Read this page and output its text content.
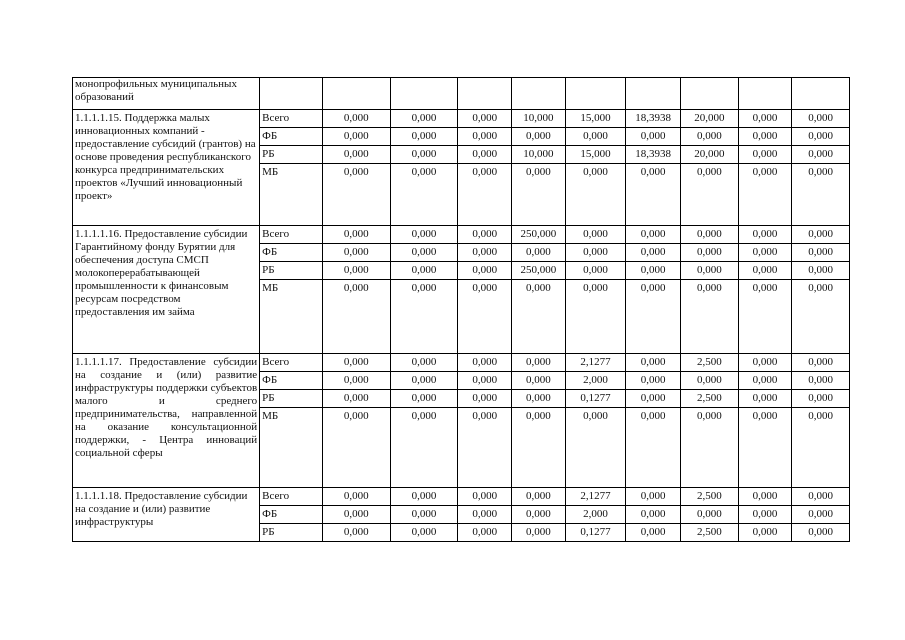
монопрофильных муниципальных образований										
1.1.1.1.15. Поддержка малых инновационных компаний - предоставление субсидий (грантов) на основе проведения республиканского конкурса предпринимательских проектов «Лучший инновационный проект»	Всего	0,000	0,000	0,000	10,000	15,000	18,3938	20,000	0,000	0,000
	ФБ	0,000	0,000	0,000	0,000	0,000	0,000	0,000	0,000	0,000
	РБ	0,000	0,000	0,000	10,000	15,000	18,3938	20,000	0,000	0,000
	МБ	0,000	0,000	0,000	0,000	0,000	0,000	0,000	0,000	0,000
1.1.1.1.16. Предоставление субсидии Гарантийному фонду Бурятии для обеспечения доступа СМСП молокоперерабатывающей промышленности к финансовым ресурсам посредством предоставления им займа	Всего	0,000	0,000	0,000	250,000	0,000	0,000	0,000	0,000	0,000
	ФБ	0,000	0,000	0,000	0,000	0,000	0,000	0,000	0,000	0,000
	РБ	0,000	0,000	0,000	250,000	0,000	0,000	0,000	0,000	0,000
	МБ	0,000	0,000	0,000	0,000	0,000	0,000	0,000	0,000	0,000
1.1.1.1.17. Предоставление субсидии на создание и (или) развитие инфраструктуры поддержки субъектов малого и среднего предпринимательства, направленной на оказание консультационной поддержки, - Центра инноваций социальной сферы	Всего	0,000	0,000	0,000	0,000	2,1277	0,000	2,500	0,000	0,000
	ФБ	0,000	0,000	0,000	0,000	2,000	0,000	0,000	0,000	0,000
	РБ	0,000	0,000	0,000	0,000	0,1277	0,000	2,500	0,000	0,000
	МБ	0,000	0,000	0,000	0,000	0,000	0,000	0,000	0,000	0,000
1.1.1.1.18. Предоставление субсидии на создание и (или) развитие инфраструктуры	Всего	0,000	0,000	0,000	0,000	2,1277	0,000	2,500	0,000	0,000
	ФБ	0,000	0,000	0,000	0,000	2,000	0,000	0,000	0,000	0,000
	РБ	0,000	0,000	0,000	0,000	0,1277	0,000	2,500	0,000	0,000
